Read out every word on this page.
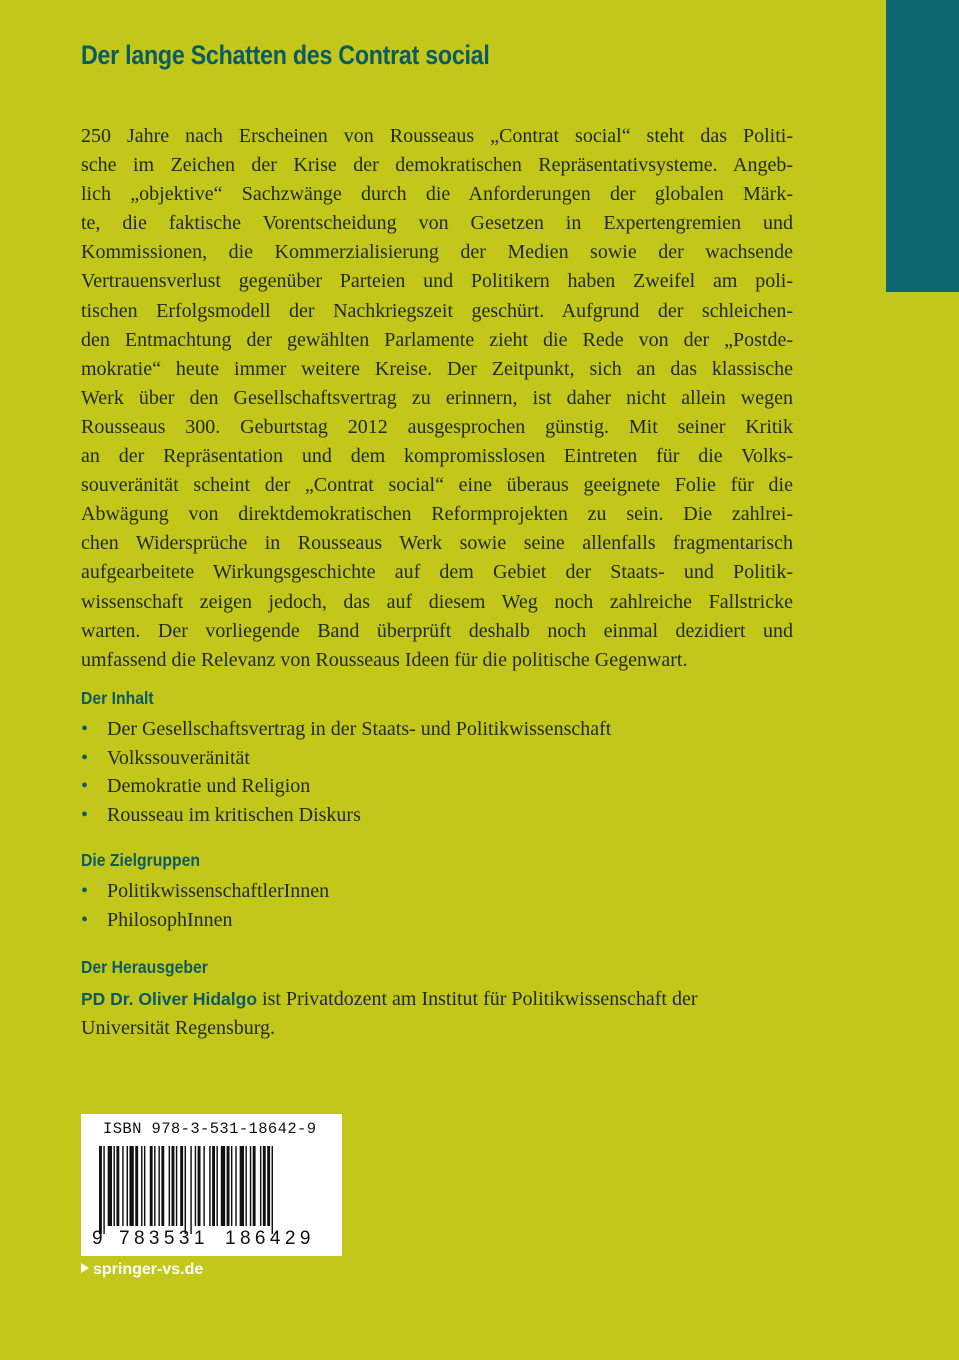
Der lange Schatten des Contrat social

250 Jahre nach Erscheinen von Rousseaus „Contrat social“ steht das Politi-
sche im Zeichen der Krise der demokratischen Repräsentativsysteme. Angeb-
lich „objektive“ Sachzwänge durch die Anforderungen der globalen Märk-
te, die faktische Vorentscheidung von Gesetzen in Expertengremien und
Kommissionen, die Kommerzialisierung der Medien sowie der wachsende
Vertrauensverlust gegenüber Parteien und Politikern haben Zweifel am poli-
tischen Erfolgsmodell der Nachkriegszeit geschürt. Aufgrund der schleichen-
den Entmachtung der gewählten Parlamente zieht die Rede von der „Postde-
mokratie“ heute immer weitere Kreise. Der Zeitpunkt, sich an das klassische
Werk über den Gesellschaftsvertrag zu erinnern, ist daher nicht allein wegen
Rousseaus 300. Geburtstag 2012 ausgesprochen günstig. Mit seiner Kritik
an der Repräsentation und dem kompromisslosen Eintreten für die Volks-
souveränität scheint der „Contrat social“ eine überaus geeignete Folie für die
Abwägung von direktdemokratischen Reformprojekten zu sein. Die zahlrei-
chen Widersprüche in Rousseaus Werk sowie seine allenfalls fragmentarisch
aufgearbeitete Wirkungsgeschichte auf dem Gebiet der Staats- und Politik-
wissenschaft zeigen jedoch, das auf diesem Weg noch zahlreiche Fallstricke
warten. Der vorliegende Band überprüft deshalb noch einmal dezidiert und
umfassend die Relevanz von Rousseaus Ideen für die politische Gegenwart.

Der Inhalt
• Der Gesellschaftsvertrag in der Staats- und Politikwissenschaft
• Volkssouveränität
• Demokratie und Religion
• Rousseau im kritischen Diskurs
Die Zielgruppen
• PolitikwissenschaftlerInnen
• PhilosophInnen
Der Herausgeber

PD Dr. Oliver Hidalgo ist Privatdozent am Institut für Politikwissenschaft der
Universität Regensburg.

ISBN 978-3-531-18642-9
9 783531 186429
springer-vs.de
